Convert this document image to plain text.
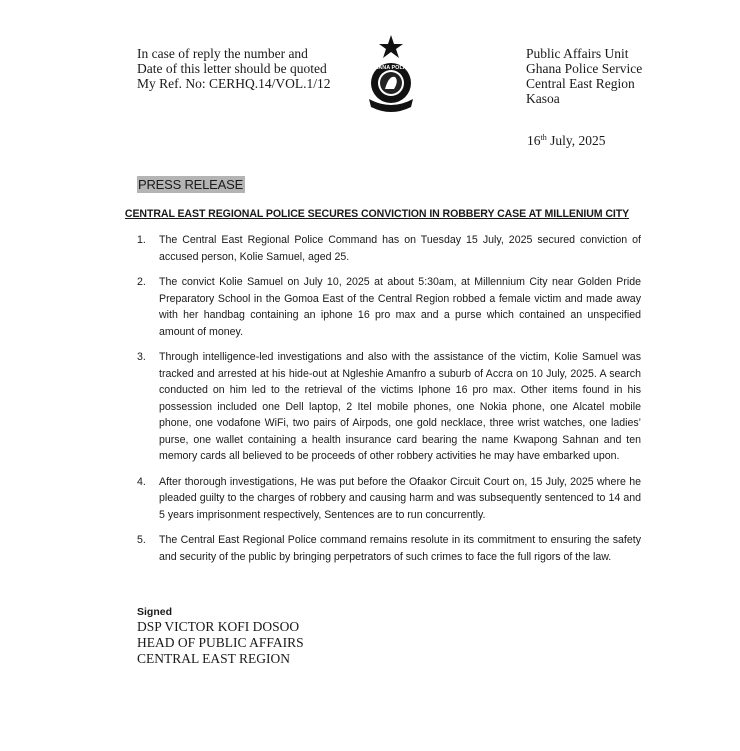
In case of reply the number and
Date of this letter should be quoted
My Ref. No: CERHQ.14/VOL.1/12
GHANA POLICE
Public Affairs Unit
Ghana Police Service
Central East Region
Kasoa
16th July, 2025
PRESS RELEASE
CENTRAL EAST REGIONAL POLICE SECURES CONVICTION IN ROBBERY CASE AT MILLENIUM CITY
1.	The Central East Regional Police Command has on Tuesday 15 July, 2025 secured conviction of accused person, Kolie Samuel, aged 25.
2.	The convict Kolie Samuel on July 10, 2025 at about 5:30am, at Millennium City near Golden Pride Preparatory School in the Gomoa East of the Central Region robbed a female victim and made away with her handbag containing an iphone 16 pro max and a purse which contained an unspecified amount of money.
3.	Through intelligence-led investigations and also with the assistance of the victim, Kolie Samuel was tracked and arrested at his hide-out at Ngleshie Amanfro a suburb of Accra on 10 July, 2025. A search conducted on him led to the retrieval of the victims Iphone 16 pro max. Other items found in his possession included one Dell laptop, 2 Itel mobile phones, one Nokia phone, one Alcatel mobile phone, one vodafone WiFi, two pairs of Airpods, one gold necklace, three wrist watches, one ladies’ purse, one wallet containing a health insurance card bearing the name Kwapong Sahnan and ten memory cards all believed to be proceeds of other robbery activities he may have embarked upon.
4.	After thorough investigations, He was put before the Ofaakor Circuit Court on, 15 July, 2025 where he pleaded guilty to the charges of robbery and causing harm and was subsequently sentenced to 14 and 5 years imprisonment respectively, Sentences are to run concurrently.
5.	The Central East Regional Police command remains resolute in its commitment to ensuring the safety and security of the public by bringing perpetrators of such crimes to face the full rigors of the law.
Signed
DSP VICTOR KOFI DOSOO
HEAD OF PUBLIC AFFAIRS
CENTRAL EAST REGION
